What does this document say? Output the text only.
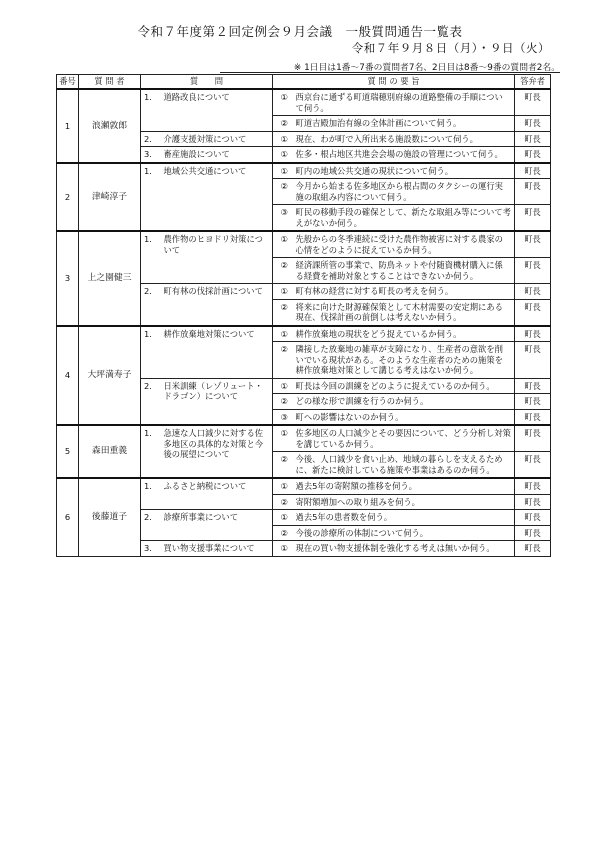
令和７年度第２回定例会９月会議　一般質問通告一覧表
令和７年９月８日（月）・９日（火）
※ 1日目は1番～7番の質問者7名、2日目は8番～9番の質問者2名。
番号	質 問 者	質　　問		質 問 の 要 旨		答弁者
1	浪瀬敦郎	1.	道路改良について	①	西京台に通ずる町道瑞穂別府線の道路整備の手順について伺う。	町長
				②	町道吉殿加治有線の全体計画について伺う。	町長
		2.	介護支援対策について	①	現在、わが町で入所出来る施設数について伺う。	町長
		3.	畜産施設について	①	佐多・根占地区共進会会場の施設の管理について伺う。	町長
2	津崎淳子	1.	地域公共交通について	①	町内の地域公共交通の現状について伺う。	町長
				②	今月から始まる佐多地区から根占間のタクシーの運行実施の取組み内容について伺う。	町長
				③	町民の移動手段の確保として、新たな取組み等について考えがないか伺う。	町長
3	上之園健三	1.	農作物のヒヨドリ対策について	①	先般からの冬季連続に受けた農作物被害に対する農家の心情をどのように捉えているか伺う。	町長
				②	経済課所管の事業で、防鳥ネットや付随資機材購入に係る経費を補助対象とすることはできないか伺う。	町長
		2.	町有林の伐採計画について	①	町有林の経営に対する町長の考えを伺う。	町長
				②	将来に向けた財源確保策として木材需要の安定期にある現在、伐採計画の前倒しは考えないか伺う。	町長
4	大坪満寿子	1.	耕作放棄地対策について	①	耕作放棄地の現状をどう捉えているか伺う。	町長
				②	隣接した放棄地の雑草が支障になり、生産者の意欲を削いでいる現状がある。そのような生産者のための施策を耕作放棄地対策として講じる考えはないか伺う。	町長
		2.	日米訓練（レゾリュート・ドラゴン）について	①	町長は今回の訓練をどのように捉えているのか伺う。	町長
				②	どの様な形で訓練を行うのか伺う。	町長
				③	町への影響はないのか伺う。	町長
5	森田重義	1.	急速な人口減少に対する佐多地区の具体的な対策と今後の展望について	①	佐多地区の人口減少とその要因について、どう分析し対策を講じているか伺う。	町長
				②	今後、人口減少を食い止め、地域の暮らしを支えるために、新たに検討している施策や事業はあるのか伺う。	町長
6	後藤道子	1.	ふるさと納税について	①	過去5年の寄附額の推移を伺う。	町長
				②	寄附額増加への取り組みを伺う。	町長
		2.	診療所事業について	①	過去5年の患者数を伺う。	町長
				②	今後の診療所の体制について伺う。	町長
		3.	買い物支援事業について	①	現在の買い物支援体制を強化する考えは無いか伺う。	町長
